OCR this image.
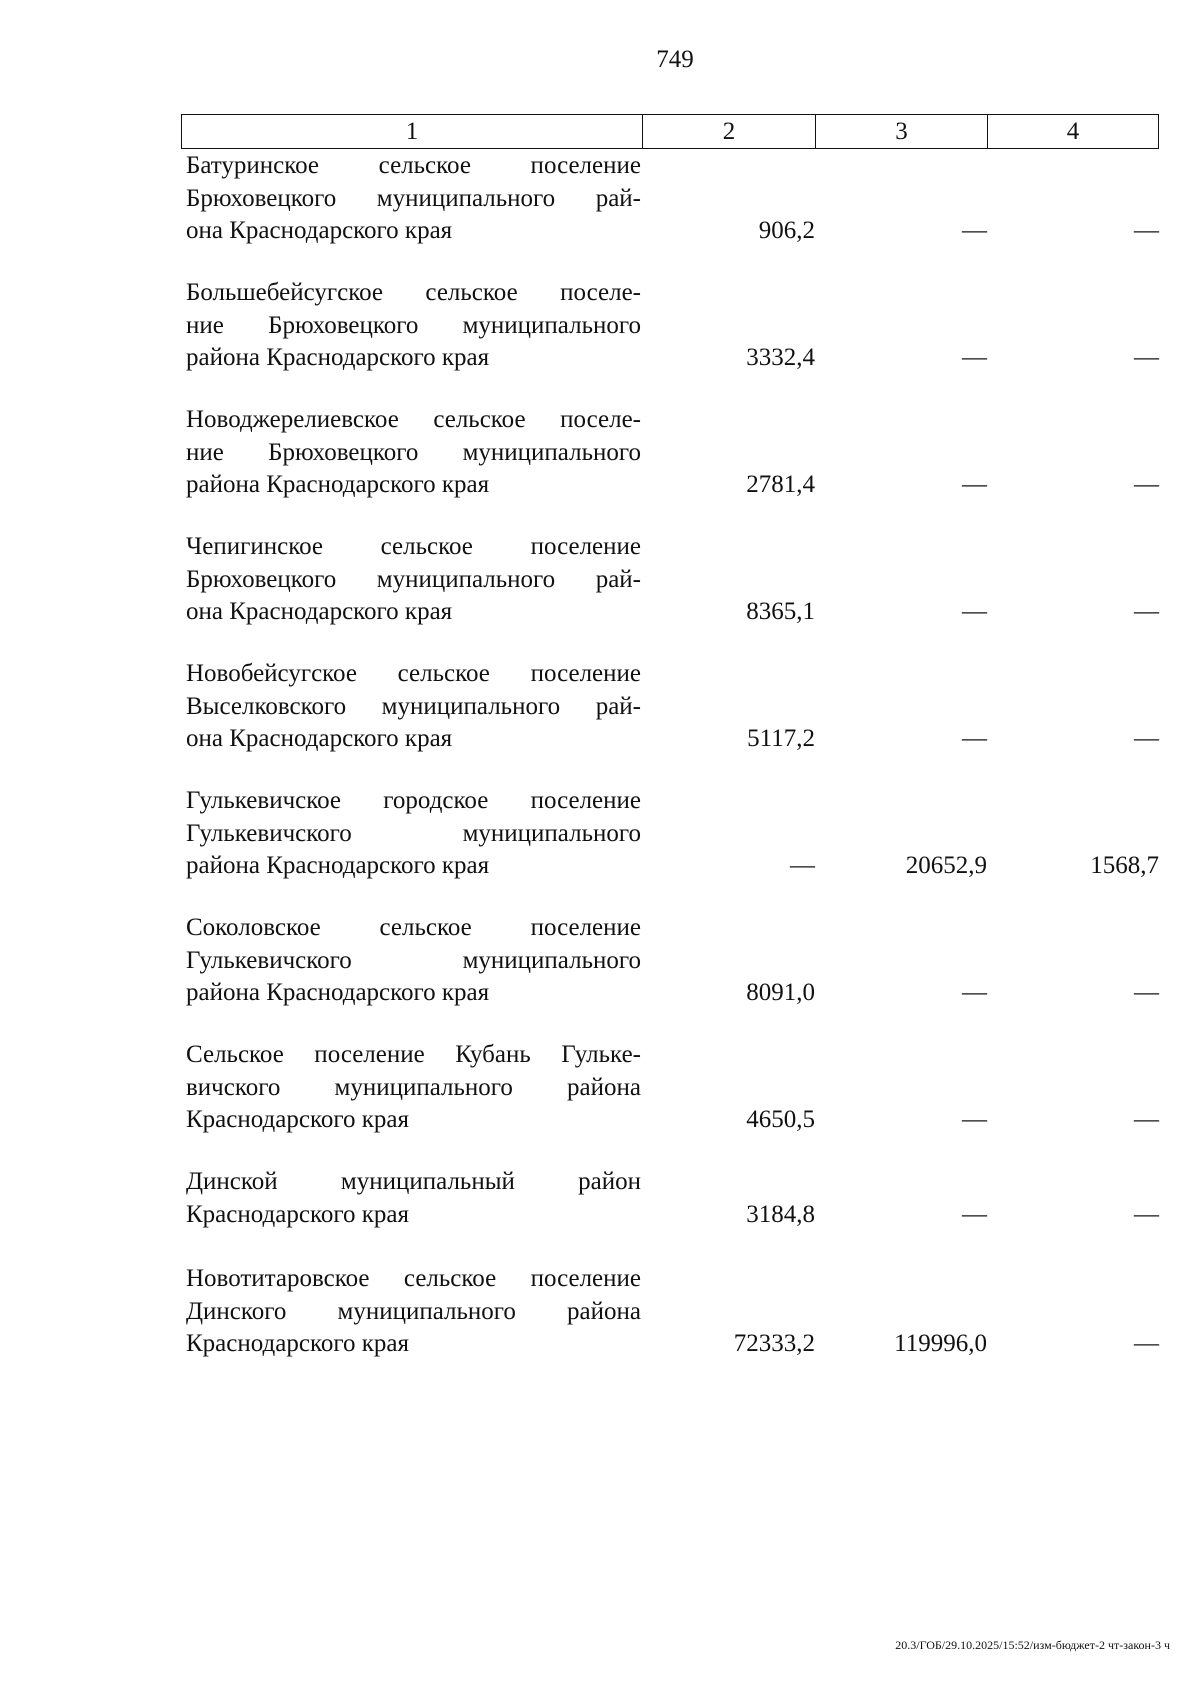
749
1	2	3	4
Батуринское сельское поселение
Брюховецкого муниципального рай-
она Краснодарского края	906,2	—	—
Большебейсугское сельское поселе-
ние Брюховецкого муниципального
района Краснодарского края	3332,4	—	—
Новоджерелиевское сельское поселе-
ние Брюховецкого муниципального
района Краснодарского края	2781,4	—	—
Чепигинское сельское поселение
Брюховецкого муниципального рай-
она Краснодарского края	8365,1	—	—
Новобейсугское сельское поселение
Выселковского муниципального рай-
она Краснодарского края	5117,2	—	—
Гулькевичское городское поселение
Гулькевичского муниципального
района Краснодарского края	—	20652,9	1568,7
Соколовское сельское поселение
Гулькевичского муниципального
района Краснодарского края	8091,0	—	—
Сельское поселение Кубань Гульке-
вичского муниципального района
Краснодарского края	4650,5	—	—
Динской муниципальный район
Краснодарского края	3184,8	—	—
Новотитаровское сельское поселение
Динского муниципального района
Краснодарского края	72333,2	119996,0	—
20.3/ГОБ/29.10.2025/15:52/изм-бюджет-2 чт-закон-3 ч
